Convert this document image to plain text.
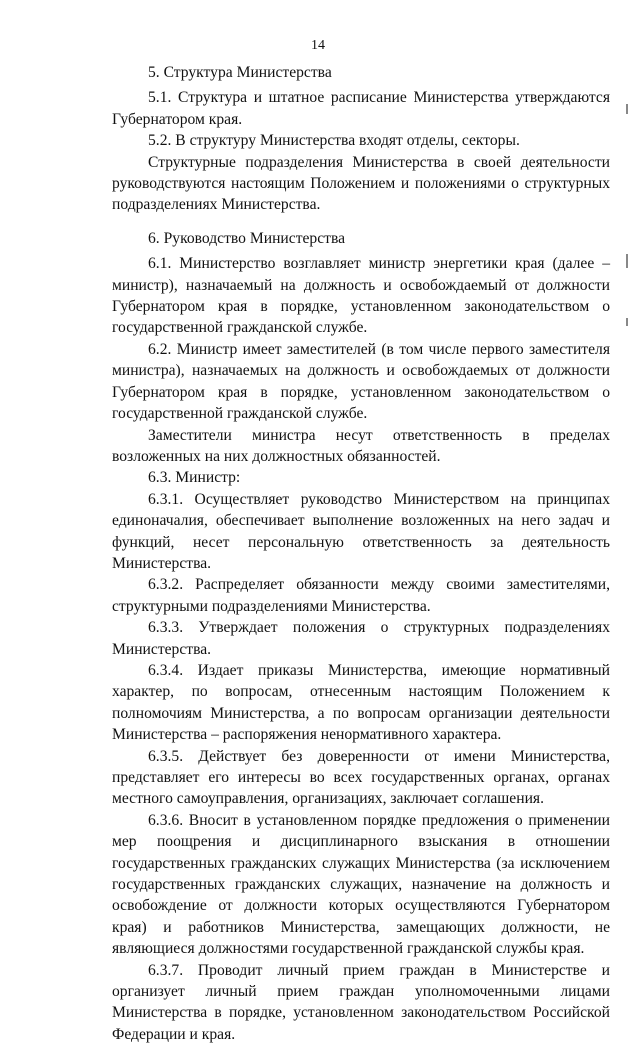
14

5. Структура Министерства

5.1. Структура и штатное расписание Министерства утверждаются Губернатором края.

5.2. В структуру Министерства входят отделы, секторы.

Структурные подразделения Министерства в своей деятельности руководствуются настоящим Положением и положениями о структурных подразделениях Министерства.

6. Руководство Министерства

6.1. Министерство возглавляет министр энергетики края (далее – министр), назначаемый на должность и освобождаемый от должности Губернатором края в порядке, установленном законодательством о государственной гражданской службе.

6.2. Министр имеет заместителей (в том числе первого заместителя министра), назначаемых на должность и освобождаемых от должности Губернатором края в порядке, установленном законодательством о государственной гражданской службе.

Заместители министра несут ответственность в пределах возложенных на них должностных обязанностей.

6.3. Министр:

6.3.1. Осуществляет руководство Министерством на принципах единоначалия, обеспечивает выполнение возложенных на него задач и функций, несет персональную ответственность за деятельность Министерства.

6.3.2. Распределяет обязанности между своими заместителями, структурными подразделениями Министерства.

6.3.3. Утверждает положения о структурных подразделениях Министерства.

6.3.4. Издает приказы Министерства, имеющие нормативный характер, по вопросам, отнесенным настоящим Положением к полномочиям Министерства, а по вопросам организации деятельности Министерства – распоряжения ненормативного характера.

6.3.5. Действует без доверенности от имени Министерства, представляет его интересы во всех государственных органах, органах местного самоуправления, организациях, заключает соглашения.

6.3.6. Вносит в установленном порядке предложения о применении мер поощрения и дисциплинарного взыскания в отношении государственных гражданских служащих Министерства (за исключением государственных гражданских служащих, назначение на должность и освобождение от должности которых осуществляются Губернатором края) и работников Министерства, замещающих должности, не являющиеся должностями государственной гражданской службы края.

6.3.7. Проводит личный прием граждан в Министерстве и организует личный прием граждан уполномоченными лицами Министерства в порядке, установленном законодательством Российской Федерации и края.
